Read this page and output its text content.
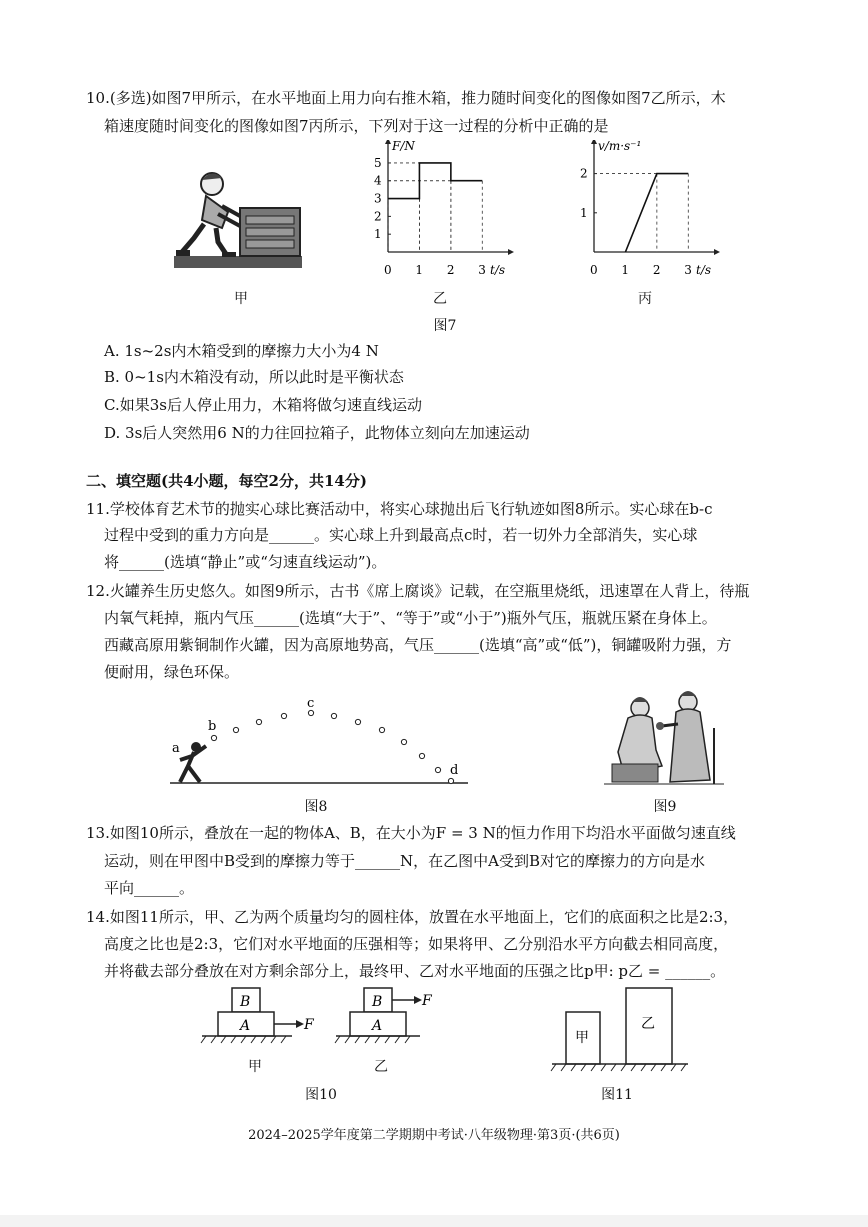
10.(多选)如图7甲所示，在水平地面上用力向右推木箱，推力随时间变化的图像如图7乙所示，木
箱速度随时间变化的图像如图7丙所示，下列对于这一过程的分析中正确的是
甲
F/N
t/s
0 1 2 3
1
2
3
4
5
乙
v/m·s⁻¹
t/s
0 1 2 3
1
2
丙
图7
A. 1s~2s内木箱受到的摩擦力大小为4 N
B. 0~1s内木箱没有动，所以此时是平衡状态
C.如果3s后人停止用力，木箱将做匀速直线运动
D. 3s后人突然用6 N的力往回拉箱子，此物体立刻向左加速运动
二、填空题(共4小题，每空2分，共14分)
11.学校体育艺术节的抛实心球比赛活动中，将实心球抛出后飞行轨迹如图8所示。实心球在b-c
过程中受到的重力方向是______。实心球上升到最高点c时，若一切外力全部消失，实心球
将______(选填“静止”或“匀速直线运动”)。
12.火罐养生历史悠久。如图9所示，古书《席上腐谈》记载，在空瓶里烧纸，迅速罩在人背上，待瓶
内氧气耗掉，瓶内气压______(选填“大于”、“等于”或“小于”)瓶外气压，瓶就压紧在身体上。
西藏高原用紫铜制作火罐，因为高原地势高，气压______(选填“高”或“低”)，铜罐吸附力强，方
便耐用，绿色环保。
a
b
c
d
图8	图9
13.如图10所示，叠放在一起的物体A、B，在大小为F = 3 N的恒力作用下均沿水平面做匀速直线
运动，则在甲图中B受到的摩擦力等于______N，在乙图中A受到B对它的摩擦力的方向是水
平向______。
14.如图11所示，甲、乙为两个质量均匀的圆柱体，放置在水平地面上，它们的底面积之比是2:3，
高度之比也是2:3，它们对水平地面的压强相等；如果将甲、乙分别沿水平方向截去相同高度，
并将截去部分叠放在对方剩余部分上，最终甲、乙对水平地面的压强之比p甲: p乙 = ______。
B
A	F
甲
B	F
A
乙
图10
甲
乙
图11
2024–2025学年度第二学期期中考试·八年级物理·第3页·(共6页)
